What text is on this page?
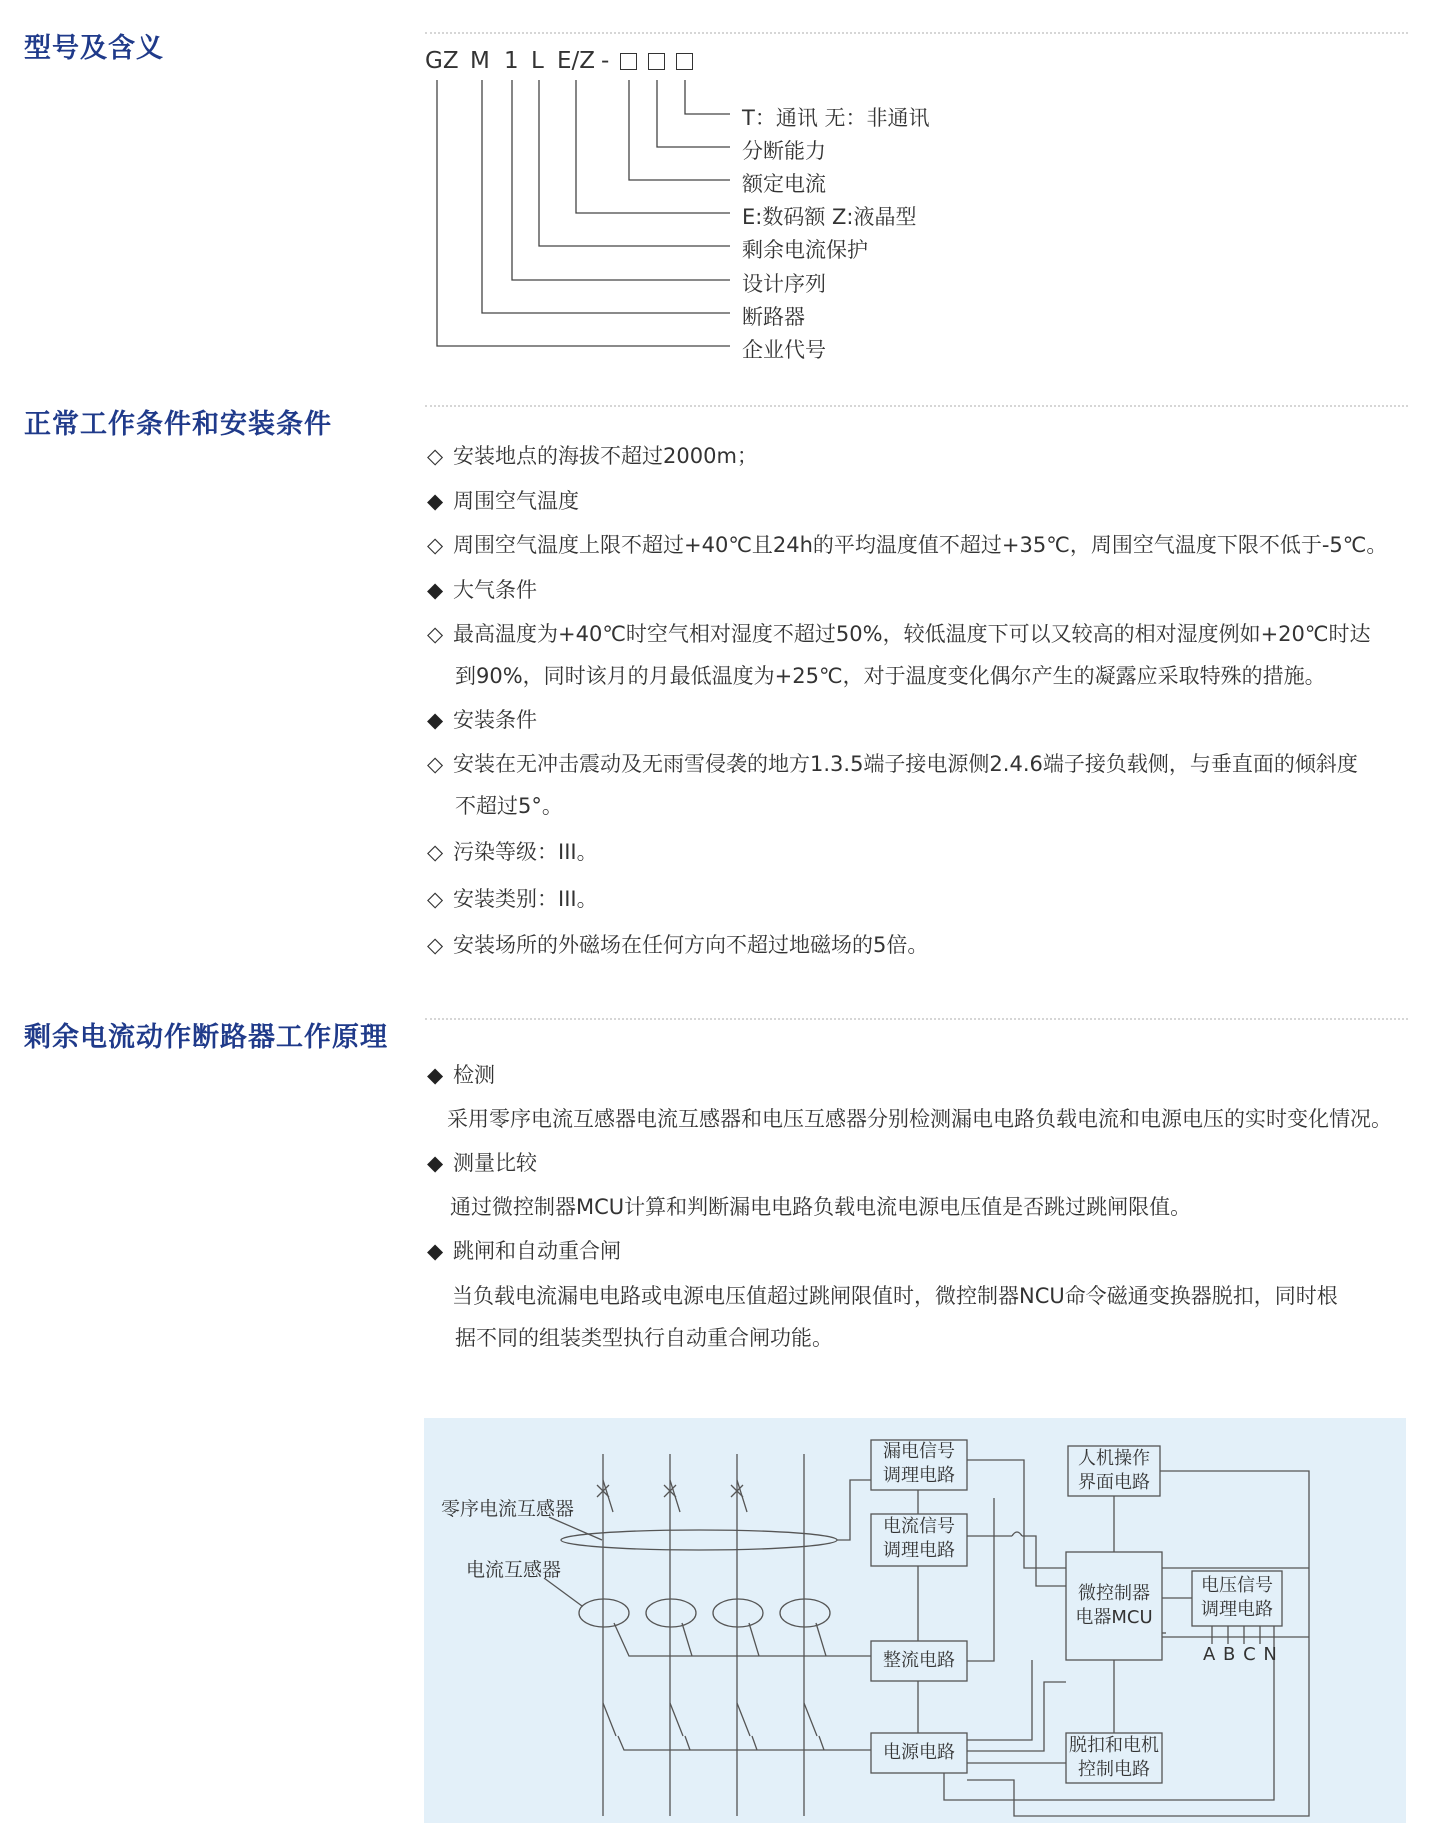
型号及含义
正常工作条件和安装条件
剩余电流动作断路器工作原理
GZ M 1 L E/Z -
T：通讯 无：非通讯
分断能力
额定电流
E:数码额 Z:液晶型
剩余电流保护
设计序列
断路器
企业代号
◇ 安装地点的海拔不超过2000m；
◆ 周围空气温度
◇ 周围空气温度上限不超过+40℃且24h的平均温度值不超过+35℃，周围空气温度下限不低于-5℃。
◆ 大气条件
◇ 最高温度为+40℃时空气相对湿度不超过50%，较低温度下可以又较高的相对湿度例如+20℃时达
到90%，同时该月的月最低温度为+25℃，对于温度变化偶尔产生的凝露应采取特殊的措施。
◆ 安装条件
◇ 安装在无冲击震动及无雨雪侵袭的地方1.3.5端子接电源侧2.4.6端子接负载侧，与垂直面的倾斜度
不超过5°。
◇ 污染等级：III。
◇ 安装类别：III。
◇ 安装场所的外磁场在任何方向不超过地磁场的5倍。
◆ 检测
采用零序电流互感器电流互感器和电压互感器分别检测漏电电路负载电流和电源电压的实时变化情况。
◆ 测量比较
通过微控制器MCU计算和判断漏电电路负载电流电源电压值是否跳过跳闸限值。
◆ 跳闸和自动重合闸
当负载电流漏电电路或电源电压值超过跳闸限值时，微控制器NCU命令磁通变换器脱扣，同时根
据不同的组装类型执行自动重合闸功能。
零序电流互感器
电流互感器
漏电信号
调理电路
电流信号
调理电路
整流电路
电源电路
人机操作
界面电路
微控制器
电器MCU
电压信号
调理电路
脱扣和电机
控制电路
A B C N
